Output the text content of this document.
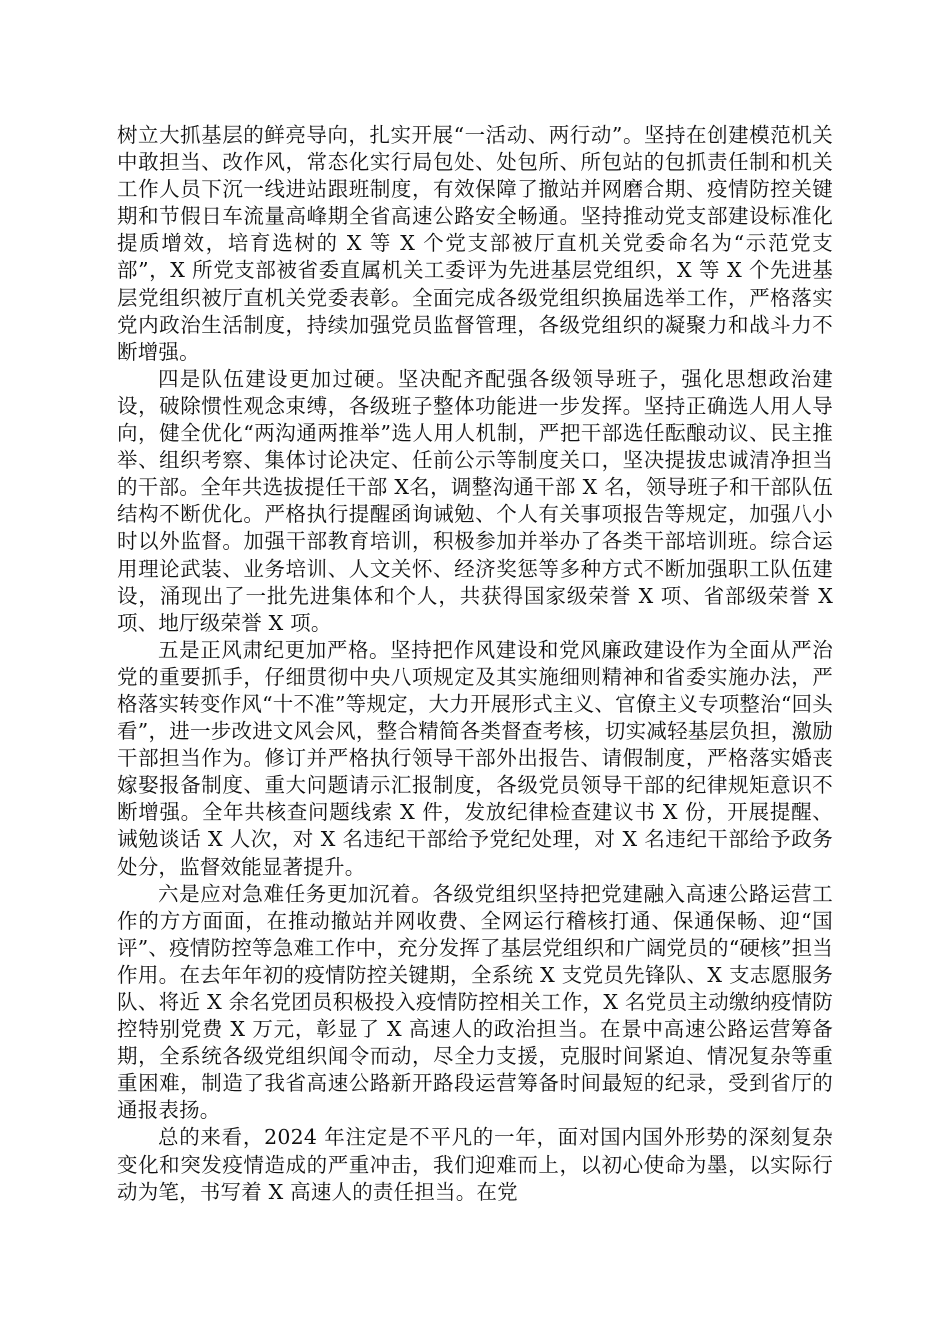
树立大抓基层的鲜亮导向，扎实开展“一活动、两行动”。坚持在创建模范机关中敢担当、改作风，常态化实行局包处、处包所、所包站的包抓责任制和机关工作人员下沉一线进站跟班制度，有效保障了撤站并网磨合期、疫情防控关键期和节假日车流量高峰期全省高速公路安全畅通。坚持推动党支部建设标准化提质增效，培育选树的 X 等 X 个党支部被厅直机关党委命名为“示范党支部”，X 所党支部被省委直属机关工委评为先进基层党组织，X 等 X 个先进基层党组织被厅直机关党委表彰。全面完成各级党组织换届选举工作，严格落实党内政治生活制度，持续加强党员监督管理，各级党组织的凝聚力和战斗力不断增强。

四是队伍建设更加过硬。坚决配齐配强各级领导班子，强化思想政治建设，破除惯性观念束缚，各级班子整体功能进一步发挥。坚持正确选人用人导向，健全优化“两沟通两推举”选人用人机制，严把干部选任酝酿动议、民主推举、组织考察、集体讨论决定、任前公示等制度关口，坚决提拔忠诚清净担当的干部。全年共选拔提任干部 X名，调整沟通干部 X 名，领导班子和干部队伍结构不断优化。严格执行提醒函询诫勉、个人有关事项报告等规定，加强八小时以外监督。加强干部教育培训，积极参加并举办了各类干部培训班。综合运用理论武装、业务培训、人文关怀、经济奖惩等多种方式不断加强职工队伍建设，涌现出了一批先进集体和个人，共获得国家级荣誉 X 项、省部级荣誉 X 项、地厅级荣誉 X 项。

五是正风肃纪更加严格。坚持把作风建设和党风廉政建设作为全面从严治党的重要抓手，仔细贯彻中央八项规定及其实施细则精神和省委实施办法，严格落实转变作风“十不准”等规定，大力开展形式主义、官僚主义专项整治“回头看”，进一步改进文风会风，整合精简各类督查考核，切实减轻基层负担，激励干部担当作为。修订并严格执行领导干部外出报告、请假制度，严格落实婚丧嫁娶报备制度、重大问题请示汇报制度，各级党员领导干部的纪律规矩意识不断增强。全年共核查问题线索 X 件，发放纪律检查建议书 X 份，开展提醒、诫勉谈话 X 人次，对 X 名违纪干部给予党纪处理，对 X 名违纪干部给予政务处分，监督效能显著提升。

六是应对急难任务更加沉着。各级党组织坚持把党建融入高速公路运营工作的方方面面，在推动撤站并网收费、全网运行稽核打通、保通保畅、迎“国评”、疫情防控等急难工作中，充分发挥了基层党组织和广阔党员的“硬核”担当作用。在去年年初的疫情防控关键期，全系统 X 支党员先锋队、X 支志愿服务队、将近 X 余名党团员积极投入疫情防控相关工作，X 名党员主动缴纳疫情防控特别党费 X 万元，彰显了 X 高速人的政治担当。在景中高速公路运营筹备期，全系统各级党组织闻令而动，尽全力支援，克服时间紧迫、情况复杂等重重困难，制造了我省高速公路新开路段运营筹备时间最短的纪录，受到省厅的通报表扬。

总的来看，2024 年注定是不平凡的一年，面对国内国外形势的深刻复杂变化和突发疫情造成的严重冲击，我们迎难而上，以初心使命为墨，以实际行动为笔，书写着 X 高速人的责任担当。在党
